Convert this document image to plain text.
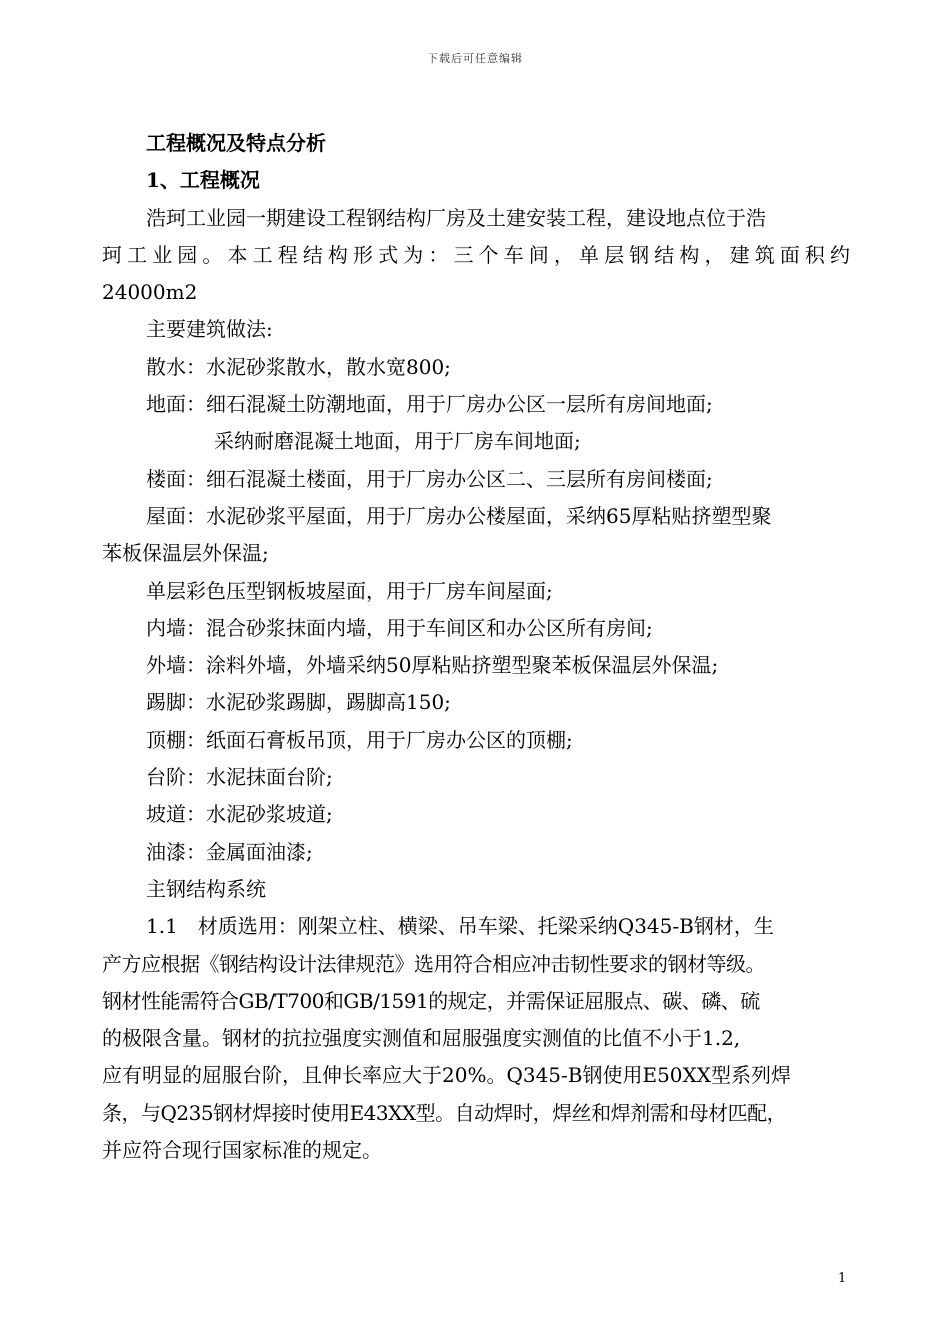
下载后可任意编辑
工程概况及特点分析
1、工程概况
浩珂工业园一期建设工程钢结构厂房及土建安装工程，建设地点位于浩
珂工业园。本工程结构形式为：三个车间，单层钢结构，建筑面积约
24000m2
主要建筑做法:
散水：水泥砂浆散水，散水宽800;
地面：细石混凝土防潮地面，用于厂房办公区一层所有房间地面;
采纳耐磨混凝土地面，用于厂房车间地面;
楼面：细石混凝土楼面，用于厂房办公区二、三层所有房间楼面;
屋面：水泥砂浆平屋面，用于厂房办公楼屋面，采纳65厚粘贴挤塑型聚
苯板保温层外保温;
单层彩色压型钢板坡屋面，用于厂房车间屋面;
内墙：混合砂浆抹面内墙，用于车间区和办公区所有房间;
外墙：涂料外墙，外墙采纳50厚粘贴挤塑型聚苯板保温层外保温;
踢脚：水泥砂浆踢脚，踢脚高150;
顶棚：纸面石膏板吊顶，用于厂房办公区的顶棚;
台阶：水泥抹面台阶;
坡道：水泥砂浆坡道;
油漆：金属面油漆;
主钢结构系统
1.1　材质选用：刚架立柱、横梁、吊车梁、托梁采纳Q345-B钢材，生
产方应根据《钢结构设计法律规范》选用符合相应冲击韧性要求的钢材等级。
钢材性能需符合GB/T700和GB/1591的规定，并需保证屈服点、碳、磷、硫
的极限含量。钢材的抗拉强度实测值和屈服强度实测值的比值不小于1.2,
应有明显的屈服台阶，且伸长率应大于20%。Q345-B钢使用E50XX型系列焊
条，与Q235钢材焊接时使用E43XX型。自动焊时，焊丝和焊剂需和母材匹配，
并应符合现行国家标准的规定。
1
